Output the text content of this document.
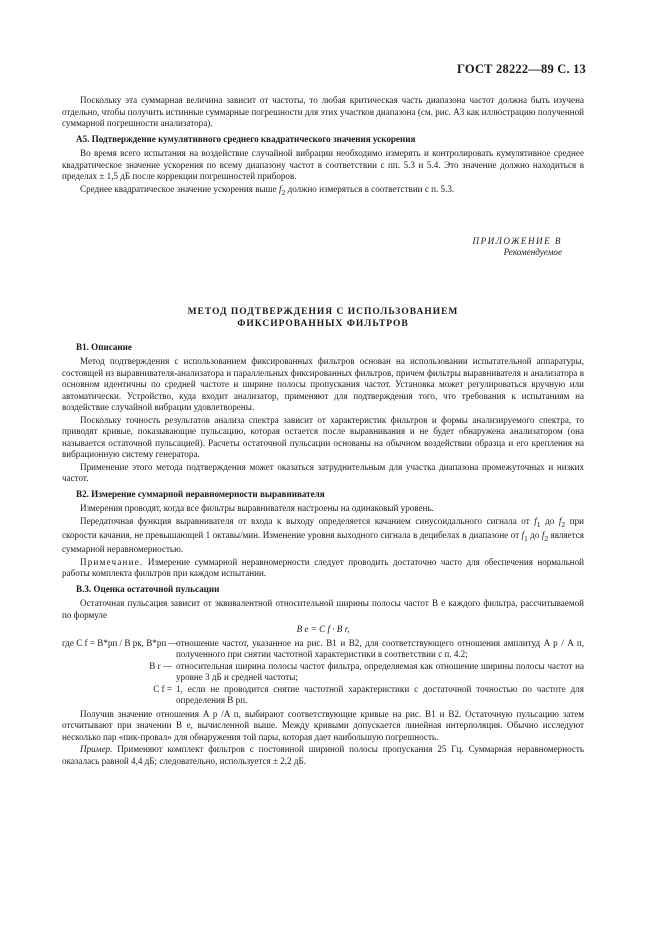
ГОСТ 28222—89 С. 13

Поскольку эта суммарная величина зависит от частоты, то любая критическая часть диапазона частот должна быть изучена отдельно, чтобы получить истинные суммарные погрешности для этих участков диапазона (см. рис. А3 как иллюстрацию полученной суммарной погрешности анализатора).

А5. Подтверждение кумулятивного среднего квадратического значения ускорения

Во время всего испытания на воздействие случайной вибрации необходимо измерять и контролировать кумулятивное среднее квадратическое значение ускорения по всему диапазону частот в соответствии с пп. 5.3 и 5.4. Это значение должно находиться в пределах ± 1,5 дБ после коррекции погрешностей приборов.

Среднее квадратическое значение ускорения выше $f_2$ должно измеряться в соответствии с п. 5.3.

ПРИЛОЖЕНИЕ В
Рекомендуемое
МЕТОД ПОДТВЕРЖДЕНИЯ С ИСПОЛЬЗОВАНИЕМ
ФИКСИРОВАННЫХ ФИЛЬТРОВ

В1. Описание

Метод подтверждения с использованием фиксированных фильтров основан на использовании испытательной аппаратуры, состоящей из выравнивателя-анализатора и параллельных фиксированных фильтров, причем фильтры выравнивателя и анализатора в основном идентичны по средней частоте и ширине полосы пропускания частот. Установка может регулироваться вручную или автоматически. Устройство, куда входит анализатор, применяют для подтверждения того, что требования к испытаниям на воздействие случайной вибрации удовлетворены.

Поскольку точность результатов анализа спектра зависит от характеристик фильтров и формы анализируемого спектра, то приводят кривые, показывающие пульсацию, которая остается после выравнивания и не будет обнаружена анализатором (она называется остаточной пульсацией). Расчеты остаточной пульсации основаны на обычном воздействии образца и его крепления на вибрационную систему генератора.

Применение этого метода подтверждения может оказаться затруднительным для участка диапазона промежуточных и низких частот.

В2. Измерение суммарной неравномерности выравнивателя

Измерения проводят, когда все фильтры выравнивателя настроены на одинаковый уровень.

Передаточная функция выравнивателя от входа к выходу определяется качанием синусоидального сигнала от $f_1$ до $f_2$ при скорости качания, не превышающей 1 октавы/мин. Изменение уровня выходного сигнала в децибелах в диапазоне от $f_1$ до $f_2$ является суммарной неравномерностью.

Примечание. Измерение суммарной неравномерности следует проводить достаточно часто для обеспечения нормальной работы комплекта фильтров при каждом испытании.

В.3. Оценка остаточной пульсации

Остаточная пульсация зависит от эквивалентной относительной ширины полосы частот B e каждого фильтра, рассчитываемой по формуле

B e = C f · B r,
где C f = B*рп / B рк, B*рп —
отношение частот, указанное на рис. В1 и В2, для соответствующего отношения амплитуд A р / A п, полученного при снятии частотной характеристики в соответствии с п. 4.2;
B r — относительная ширина полосы частот фильтра, определяемая как отношение ширины полосы частот на уровне 3 дБ и средней частоты;
C f = 1, если не проводится снятие частотной характеристики с достаточной точностью по частоте для определения B рп.

Получив значение отношения A р /A п, выбирают соответствующие кривые на рис. В1 и В2. Остаточную пульсацию затем отсчитывают при значении B е, вычисленной выше. Между кривыми допускается линейная интерполяция. Обычно исследуют несколько пар «пик-провал» для обнаружения той пары, которая дает наибольшую погрешность.

Пример. Применяют комплект фильтров с постоянной шириной полосы пропускания 25 Гц. Суммарная неравномерность оказалась равной 4,4 дБ; следовательно, используется ± 2,2 дБ.
